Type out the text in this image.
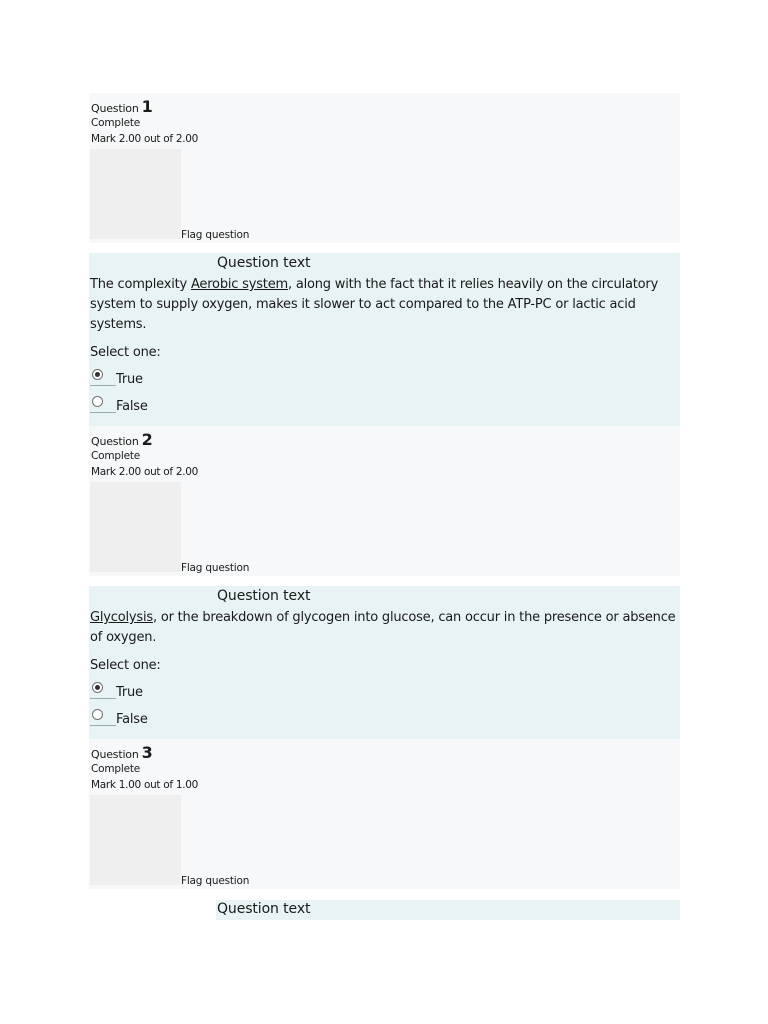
Question 1
Complete
Mark 2.00 out of 2.00
Flag question
Question text
The complexity Aerobic system, along with the fact that it relies heavily on the circulatory system to supply oxygen, makes it slower to act compared to the ATP-PC or lactic acid systems.
Select one:
True
False
Question 2
Complete
Mark 2.00 out of 2.00
Flag question
Question text
Glycolysis, or the breakdown of glycogen into glucose, can occur in the presence or absence of oxygen.
Select one:
True
False
Question 3
Complete
Mark 1.00 out of 1.00
Flag question
Question text
